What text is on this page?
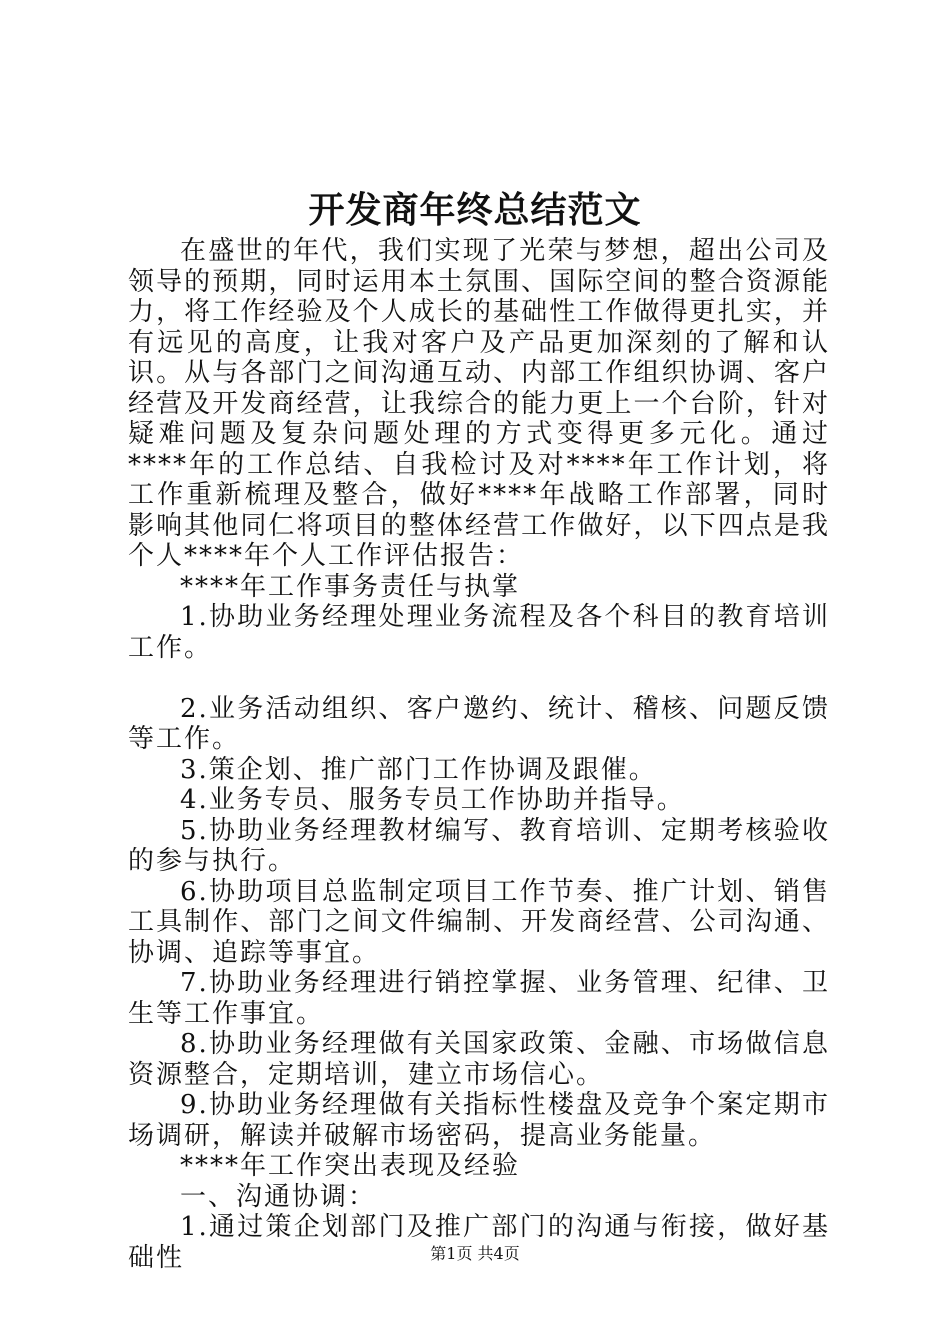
开发商年终总结范文

在盛世的年代，我们实现了光荣与梦想，超出公司及领导的预期，同时运用本土氛围、国际空间的整合资源能力，将工作经验及个人成长的基础性工作做得更扎实，并有远见的高度，让我对客户及产品更加深刻的了解和认识。从与各部门之间沟通互动、内部工作组织协调、客户经营及开发商经营，让我综合的能力更上一个台阶，针对疑难问题及复杂问题处理的方式变得更多元化。通过****年的工作总结、自我检讨及对****年工作计划，将工作重新梳理及整合，做好****年战略工作部署，同时影响其他同仁将项目的整体经营工作做好，以下四点是我个人****年个人工作评估报告：

****年工作事务责任与执掌

1.协助业务经理处理业务流程及各个科目的教育培训工作。

2.业务活动组织、客户邀约、统计、稽核、问题反馈等工作。

3.策企划、推广部门工作协调及跟催。

4.业务专员、服务专员工作协助并指导。

5.协助业务经理教材编写、教育培训、定期考核验收的参与执行。

6.协助项目总监制定项目工作节奏、推广计划、销售工具制作、部门之间文件编制、开发商经营、公司沟通、协调、追踪等事宜。

7.协助业务经理进行销控掌握、业务管理、纪律、卫生等工作事宜。

8.协助业务经理做有关国家政策、金融、市场做信息资源整合，定期培训，建立市场信心。

9.协助业务经理做有关指标性楼盘及竞争个案定期市场调研，解读并破解市场密码，提高业务能量。

****年工作突出表现及经验

一、沟通协调：

1.通过策企划部门及推广部门的沟通与衔接，做好基础性	第1页 共4页
